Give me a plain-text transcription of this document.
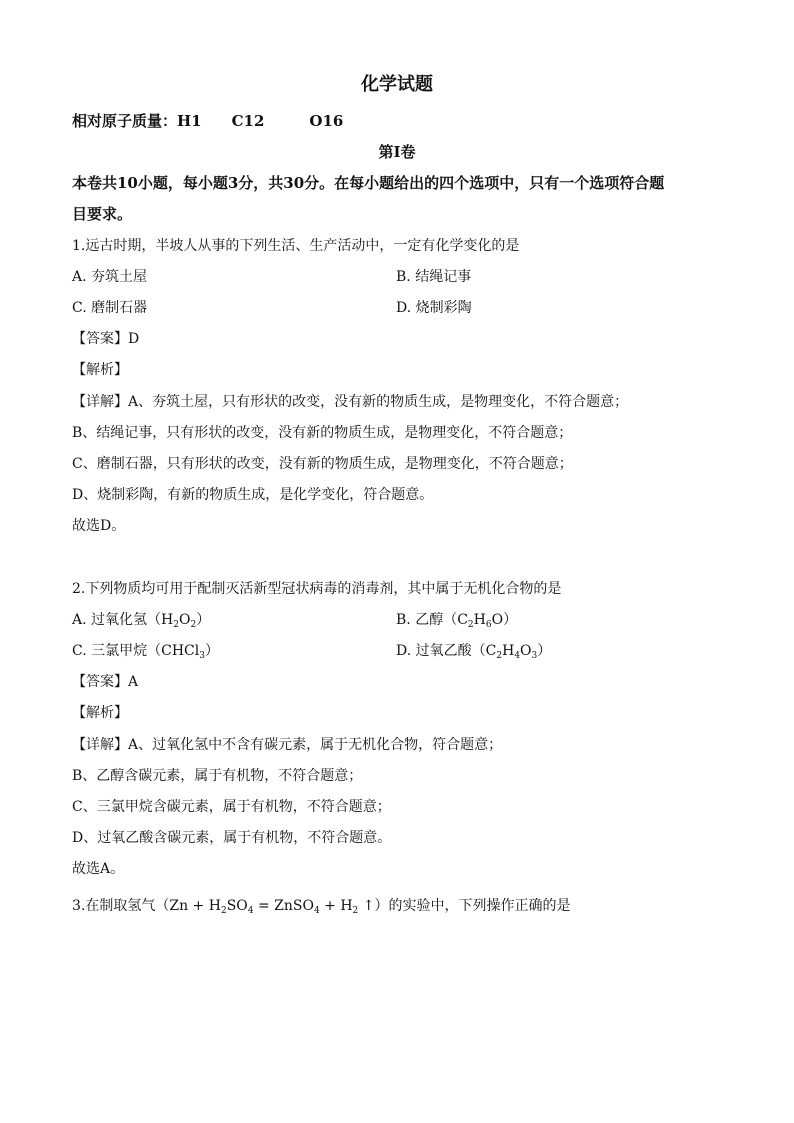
化学试题
相对原子质量：H1　　C12　　　O16
第Ⅰ卷
本卷共10小题，每小题3分，共30分。在每小题给出的四个选项中，只有一个选项符合题
目要求。
1.远古时期，半坡人从事的下列生活、生产活动中，一定有化学变化的是
A. 夯筑土屋	B. 结绳记事
C. 磨制石器	D. 烧制彩陶
【答案】D
【解析】
【详解】A、夯筑土屋，只有形状的改变，没有新的物质生成，是物理变化，不符合题意；
B、结绳记事，只有形状的改变，没有新的物质生成，是物理变化，不符合题意；
C、磨制石器，只有形状的改变，没有新的物质生成，是物理变化，不符合题意；
D、烧制彩陶，有新的物质生成，是化学变化，符合题意。
故选D。
2.下列物质均可用于配制灭活新型冠状病毒的消毒剂，其中属于无机化合物的是
A. 过氧化氢$(H_2O_2)$	B. 乙醇$(C_2H_6O)$
C. 三氯甲烷（CHCl$_3$）	D. 过氧乙酸$(C_2H_4O_3)$
【答案】A
【解析】
【详解】A、过氧化氢中不含有碳元素，属于无机化合物，符合题意；
B、乙醇含碳元素，属于有机物，不符合题意；
C、三氯甲烷含碳元素，属于有机物，不符合题意；
D、过氧乙酸含碳元素，属于有机物，不符合题意。
故选A。
3.在制取氢气（$Zn + H_2SO_4$ = ZnSO$_4$ + $H_2$ ↑）的实验中，下列操作正确的是
